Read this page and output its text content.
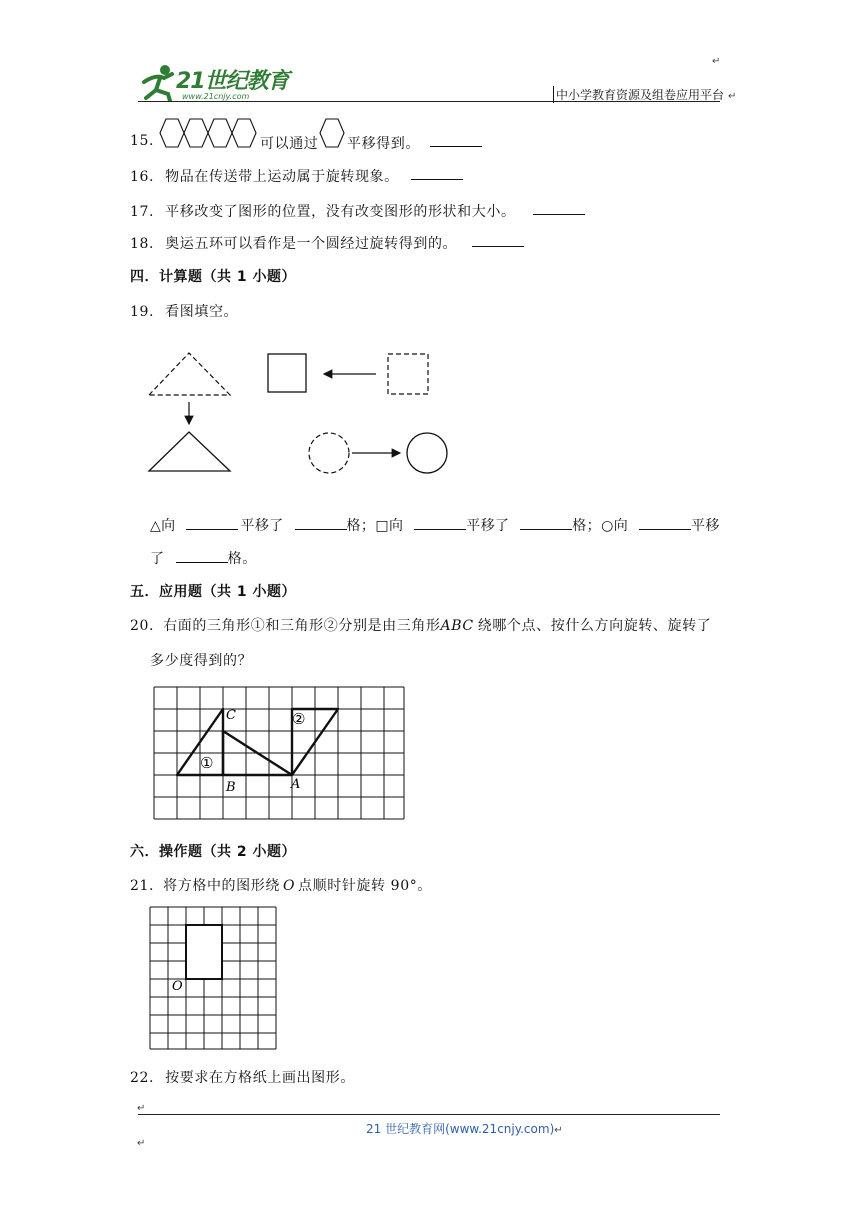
21世纪教育
www.21cnjy.com
↵
中小学教育资源及组卷应用平台 ↵
15.	可以通过 平移得到。
16. 物品在传送带上运动属于旋转现象。
17. 平移改变了图形的位置，没有改变图形的形状和大小。
18. 奥运五环可以看作是一个圆经过旋转得到的。
四．计算题（共 1 小题）
19. 看图填空。
△向	平移了	格；□向	平移了	格；○向	平移
了	格。
五．应用题（共 1 小题）
20. 右面的三角形①和三角形②分别是由三角形ABC 绕哪个点、按什么方向旋转、旋转了
多少度得到的？
C
B	A
①
②
六．操作题（共 2 小题）
21. 将方格中的图形绕 O 点顺时针旋转 90°。
O
22. 按要求在方格纸上画出图形。
↵
21 世纪教育网(www.21cnjy.com)↵
↵
